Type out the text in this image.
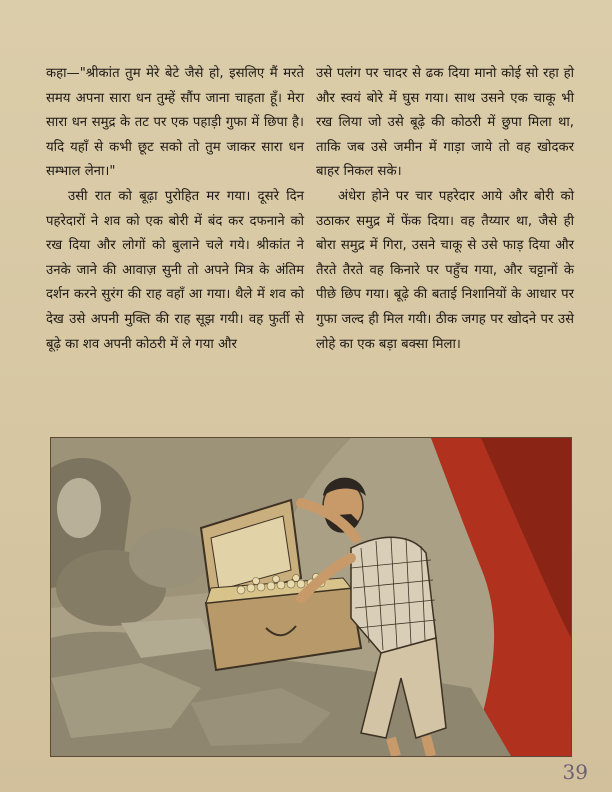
कहा—"श्रीकांत तुम मेरे बेटे जैसे हो, इसलिए मैं मरते समय अपना सारा धन तुम्हें सौंप जाना चाहता हूँ। मेरा सारा धन समुद्र के तट पर एक पहाड़ी गुफा में छिपा है। यदि यहाँ से कभी छूट सको तो तुम जाकर सारा धन सम्भाल लेना।"

उसी रात को बूढ़ा पुरोहित मर गया। दूसरे दिन पहरेदारों ने शव को एक बोरी में बंद कर दफनाने को रख दिया और लोगों को बुलाने चले गये। श्रीकांत ने उनके जाने की आवाज़ सुनी तो अपने मित्र के अंतिम दर्शन करने सुरंग की राह वहाँ आ गया। थैले में शव को देख उसे अपनी मुक्ति की राह सूझ गयी। वह फुर्ती से बूढ़े का शव अपनी कोठरी में ले गया और

उसे पलंग पर चादर से ढक दिया मानो कोई सो रहा हो और स्वयं बोरे में घुस गया। साथ उसने एक चाकू भी रख लिया जो उसे बूढ़े की कोठरी में छुपा मिला था, ताकि जब उसे जमीन में गाड़ा जाये तो वह खोदकर बाहर निकल सके।

अंधेरा होने पर चार पहरेदार आये और बोरी को उठाकर समुद्र में फेंक दिया। वह तैय्यार था, जैसे ही बोरा समुद्र में गिरा, उसने चाकू से उसे फाड़ दिया और तैरते तैरते वह किनारे पर पहुँच गया, और चट्टानों के पीछे छिप गया। बूढ़े की बताई निशानियों के आधार पर गुफा जल्द ही मिल गयी। ठीक जगह पर खोदने पर उसे लोहे का एक बड़ा बक्सा मिला।

39
